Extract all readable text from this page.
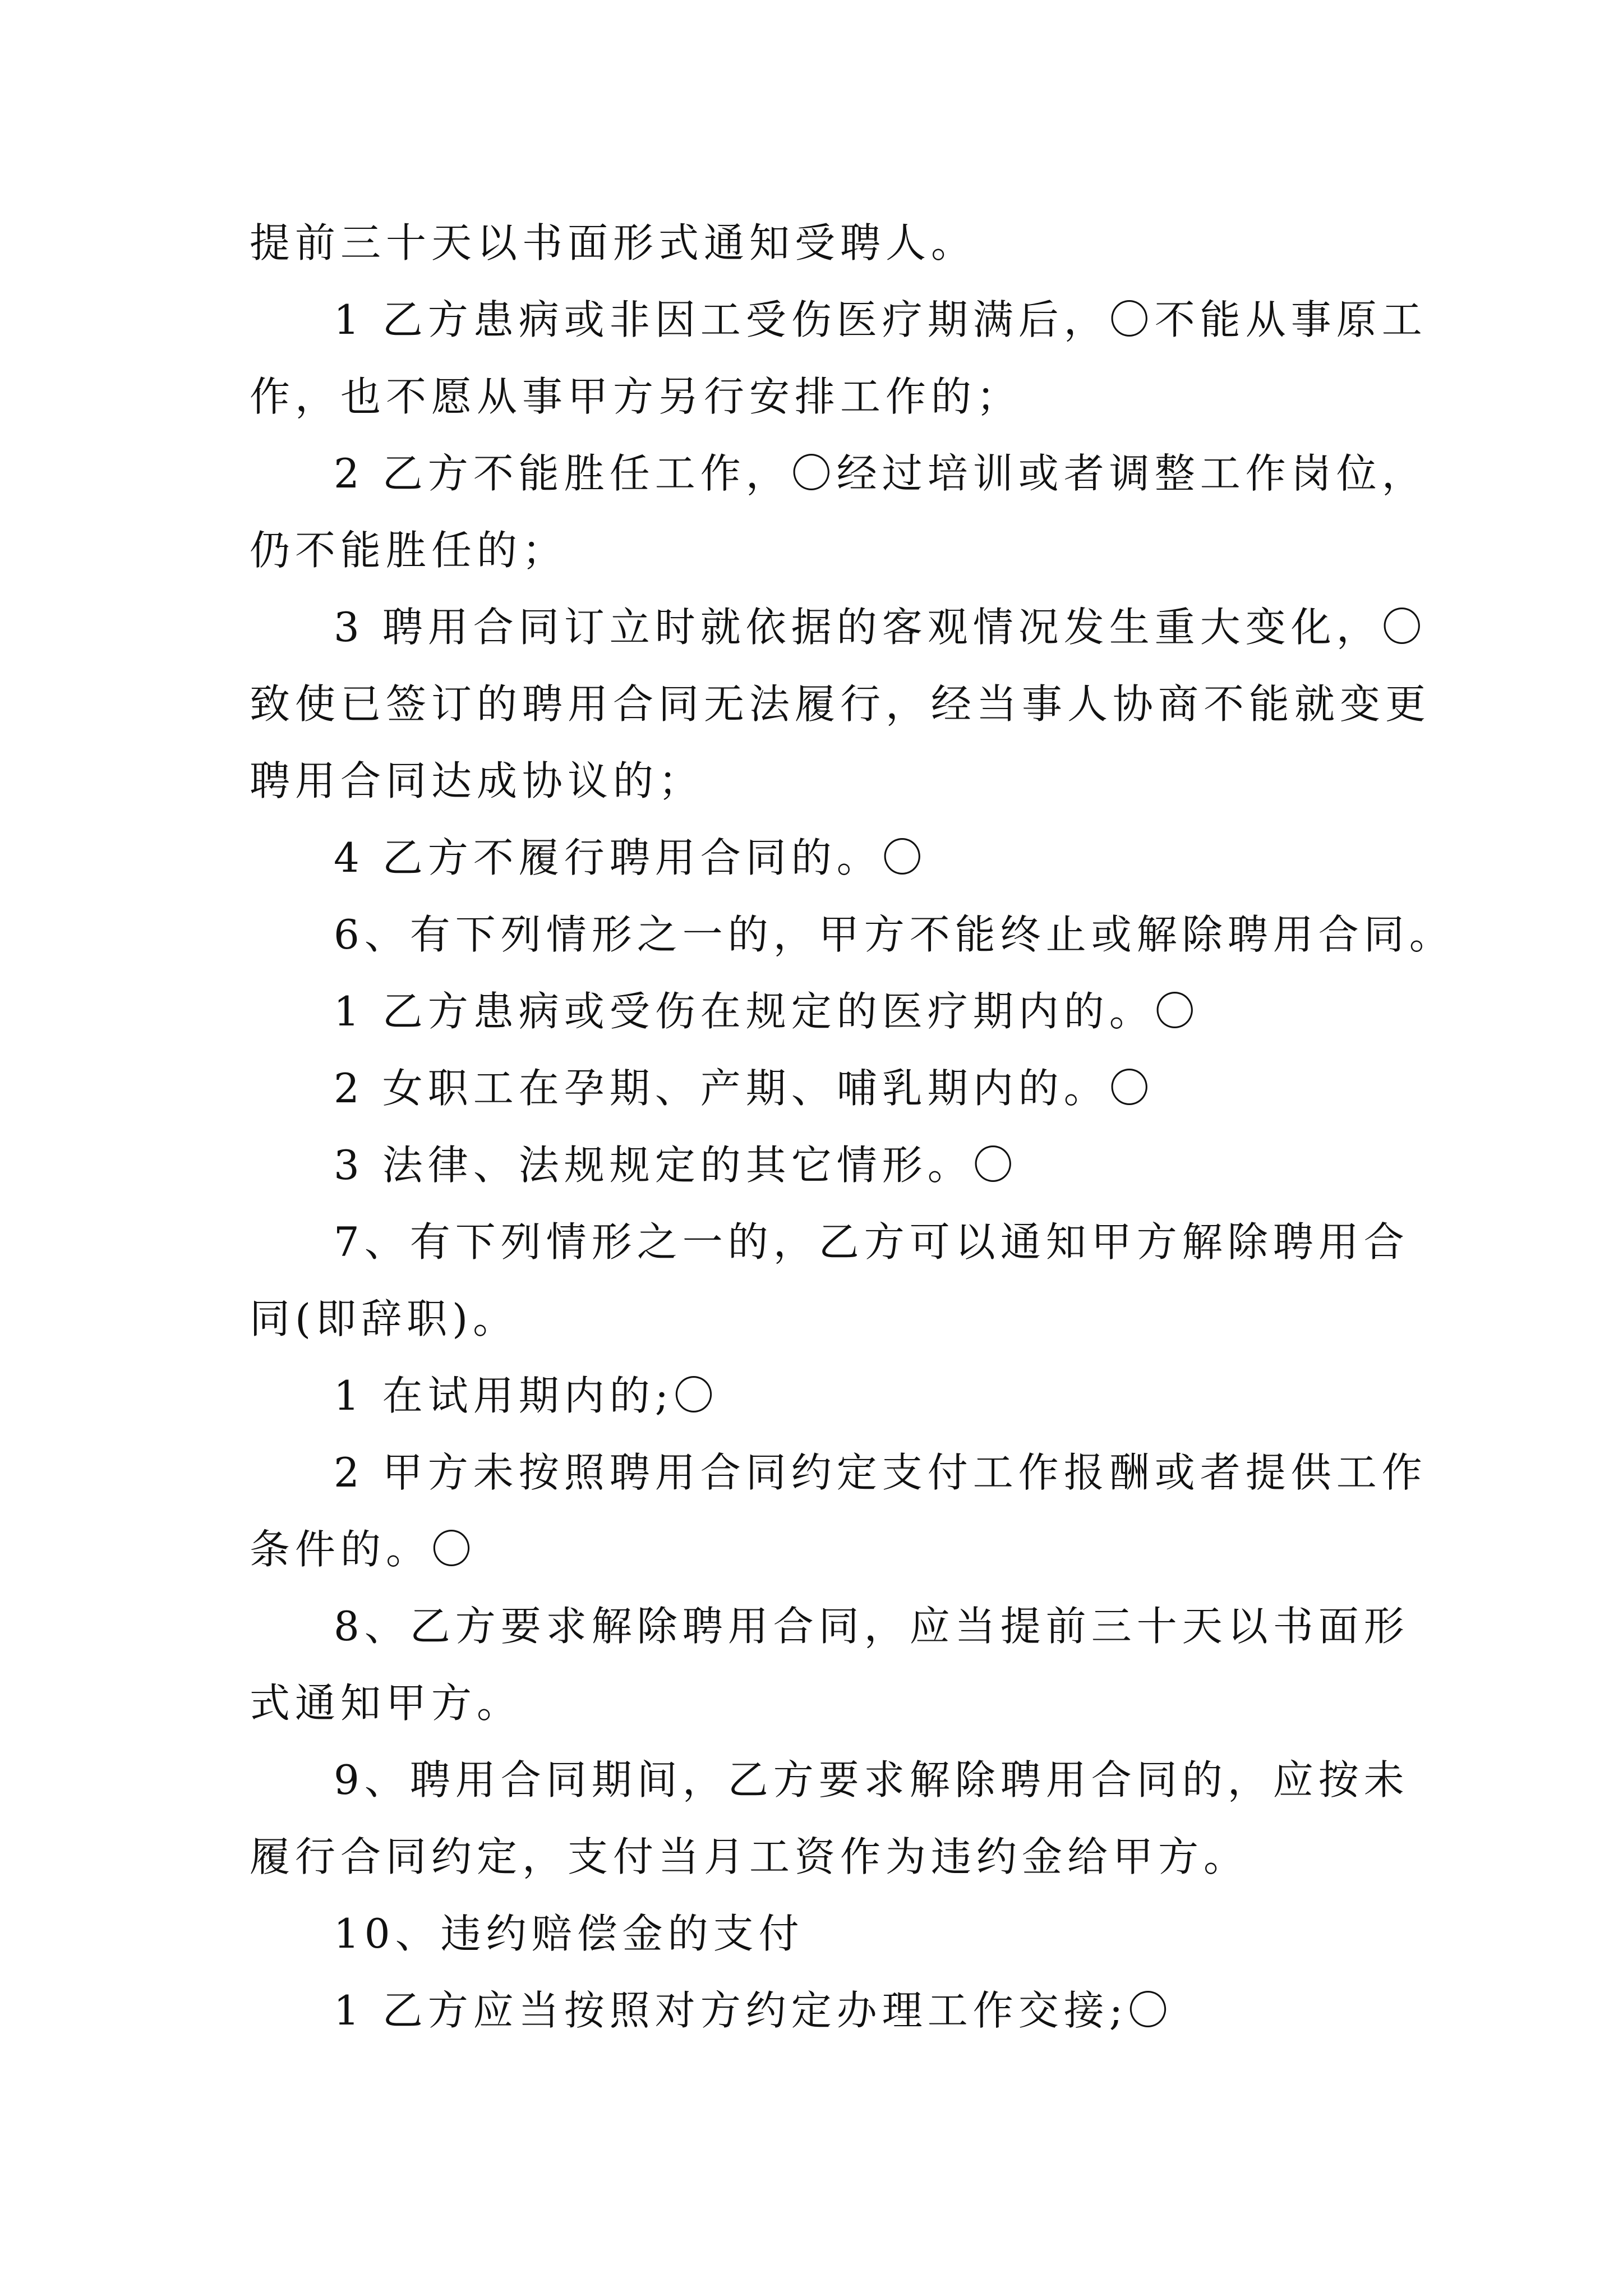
提前三十天以书面形式通知受聘人。

1 乙方患病或非因工受伤医疗期满后，〇不能从事原工

作，也不愿从事甲方另行安排工作的；

2 乙方不能胜任工作，〇经过培训或者调整工作岗位，

仍不能胜任的；

3 聘用合同订立时就依据的客观情况发生重大变化，〇

致使已签订的聘用合同无法履行，经当事人协商不能就变更

聘用合同达成协议的；

4 乙方不履行聘用合同的。〇

6、有下列情形之一的，甲方不能终止或解除聘用合同。

1 乙方患病或受伤在规定的医疗期内的。〇

2 女职工在孕期、产期、哺乳期内的。〇

3 法律、法规规定的其它情形。〇

7、有下列情形之一的，乙方可以通知甲方解除聘用合

同(即辞职)。

1 在试用期内的;〇

2 甲方未按照聘用合同约定支付工作报酬或者提供工作

条件的。〇

8、乙方要求解除聘用合同，应当提前三十天以书面形

式通知甲方。

9、聘用合同期间，乙方要求解除聘用合同的，应按未

履行合同约定，支付当月工资作为违约金给甲方。

10、违约赔偿金的支付

1 乙方应当按照对方约定办理工作交接;〇
